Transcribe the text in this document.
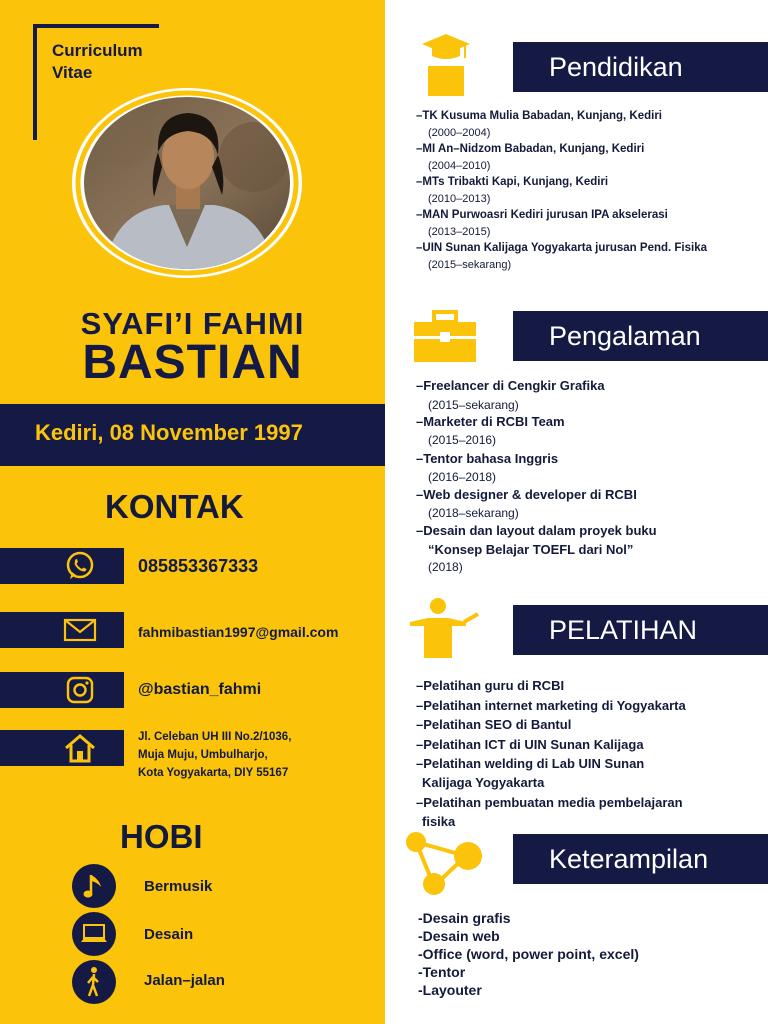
Curriculum Vitae
SYAFI’I FAHMI
BASTIAN
Kediri, 08 November 1997
KONTAK
085853367333
fahmibastian1997@gmail.com
@bastian_fahmi
Jl. Celeban UH III No.2/1036,
Muja Muju, Umbulharjo,
Kota Yogyakarta, DIY 55167
HOBI
Bermusik
Desain
Jalan–jalan
Pendidikan
–TK Kusuma Mulia Babadan, Kunjang, Kediri
(2000–2004)
–MI An–Nidzom Babadan, Kunjang, Kediri
(2004–2010)
–MTs Tribakti Kapi, Kunjang, Kediri
(2010–2013)
–MAN Purwoasri Kediri jurusan IPA akselerasi
(2013–2015)
–UIN Sunan Kalijaga Yogyakarta jurusan Pend. Fisika
(2015–sekarang)
Pengalaman
–Freelancer di Cengkir Grafika
(2015–sekarang)
–Marketer di RCBI Team
(2015–2016)
–Tentor bahasa Inggris
(2016–2018)
–Web designer & developer di RCBI
(2018–sekarang)
–Desain dan layout dalam proyek buku
“Konsep Belajar TOEFL dari Nol”
(2018)
PELATIHAN
–Pelatihan guru di RCBI
–Pelatihan internet marketing di Yogyakarta
–Pelatihan SEO di Bantul
–Pelatihan ICT di UIN Sunan Kalijaga
–Pelatihan welding di Lab UIN Sunan
Kalijaga Yogyakarta
–Pelatihan pembuatan media pembelajaran
fisika
Keterampilan
-Desain grafis
-Desain web
-Office (word, power point, excel)
-Tentor
-Layouter
